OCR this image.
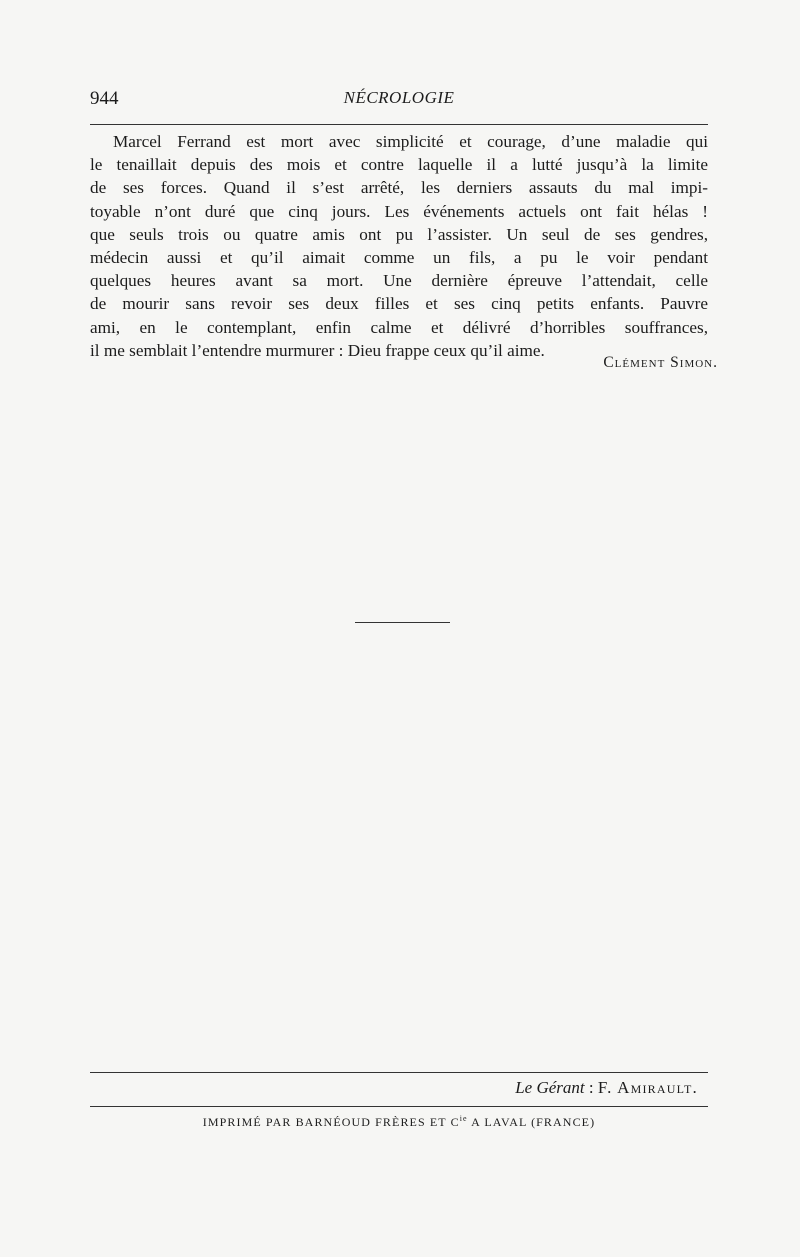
944	NÉCROLOGIE
Marcel Ferrand est mort avec simplicité et courage, d’une maladie qui
le tenaillait depuis des mois et contre laquelle il a lutté jusqu’à la limite
de ses forces. Quand il s’est arrêté, les derniers assauts du mal impi-
toyable n’ont duré que cinq jours. Les événements actuels ont fait hélas !
que seuls trois ou quatre amis ont pu l’assister. Un seul de ses gendres,
médecin aussi et qu’il aimait comme un fils, a pu le voir pendant
quelques heures avant sa mort. Une dernière épreuve l’attendait, celle
de mourir sans revoir ses deux filles et ses cinq petits enfants. Pauvre
ami, en le contemplant, enfin calme et délivré d’horribles souffrances,
il me semblait l’entendre murmurer : Dieu frappe ceux qu’il aime.
Clément Simon.
Le Gérant : F. Amirault.
IMPRIMÉ PAR BARNÉOUD FRÈRES ET $C^{ie}$ A LAVAL (FRANCE)
